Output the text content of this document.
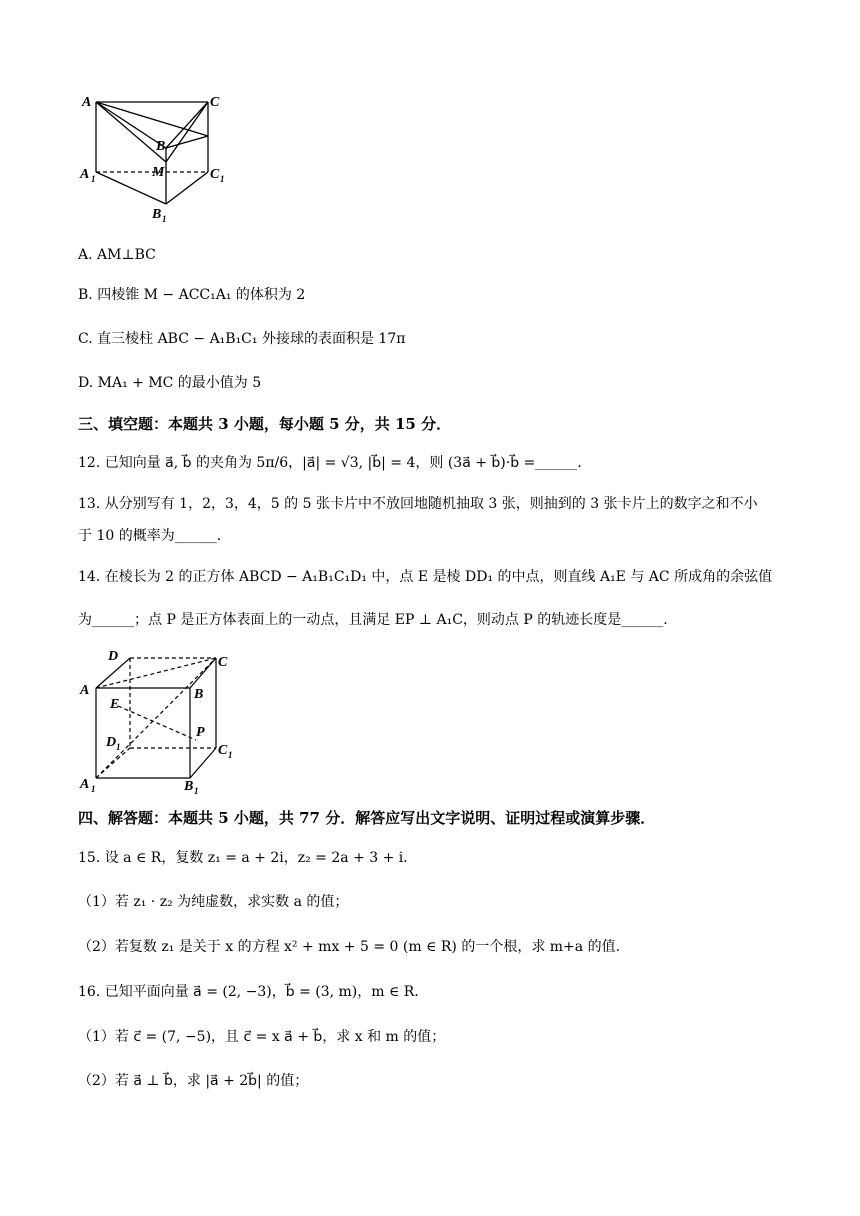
A	C
B
M
A 1	C 1
B 1
A. AM⊥BC
B. 四棱锥 M − ACC₁A₁ 的体积为 2
C. 直三棱柱 ABC − A₁B₁C₁ 外接球的表面积是 17π
D. MA₁ + MC 的最小值为 5
三、填空题：本题共 3 小题，每小题 5 分，共 15 分．
12. 已知向量 a⃗, b⃗ 的夹角为 5π/6，|a⃗| = √3, |b⃗| = 4，则 (3a⃗ + b⃗)·b⃗ =______.
13. 从分别写有 1，2，3，4，5 的 5 张卡片中不放回地随机抽取 3 张，则抽到的 3 张卡片上的数字之和不小
于 10 的概率为______.
14. 在棱长为 2 的正方体 ABCD − A₁B₁C₁D₁ 中，点 E 是棱 DD₁ 的中点，则直线 A₁E 与 AC 所成角的余弦值
为______；点 P 是正方体表面上的一动点，且满足 EP ⊥ A₁C，则动点 P 的轨迹长度是______.
D	C
A	B
E
P
D 1	C 1
A 1	B 1
四、解答题：本题共 5 小题，共 77 分．解答应写出文字说明、证明过程或演算步骤．
15. 设 a ∈ R，复数 z₁ = a + 2i，z₂ = 2a + 3 + i．
（1）若 z₁ · z₂ 为纯虚数，求实数 a 的值；
（2）若复数 z₁ 是关于 x 的方程 x² + mx + 5 = 0 (m ∈ R) 的一个根，求 m+a 的值.
16. 已知平面向量 a⃗ = (2, −3)，b⃗ = (3, m)，m ∈ R．
（1）若 c⃗ = (7, −5)，且 c⃗ = x a⃗ + b⃗，求 x 和 m 的值；
（2）若 a⃗ ⊥ b⃗，求 |a⃗ + 2b⃗| 的值；
